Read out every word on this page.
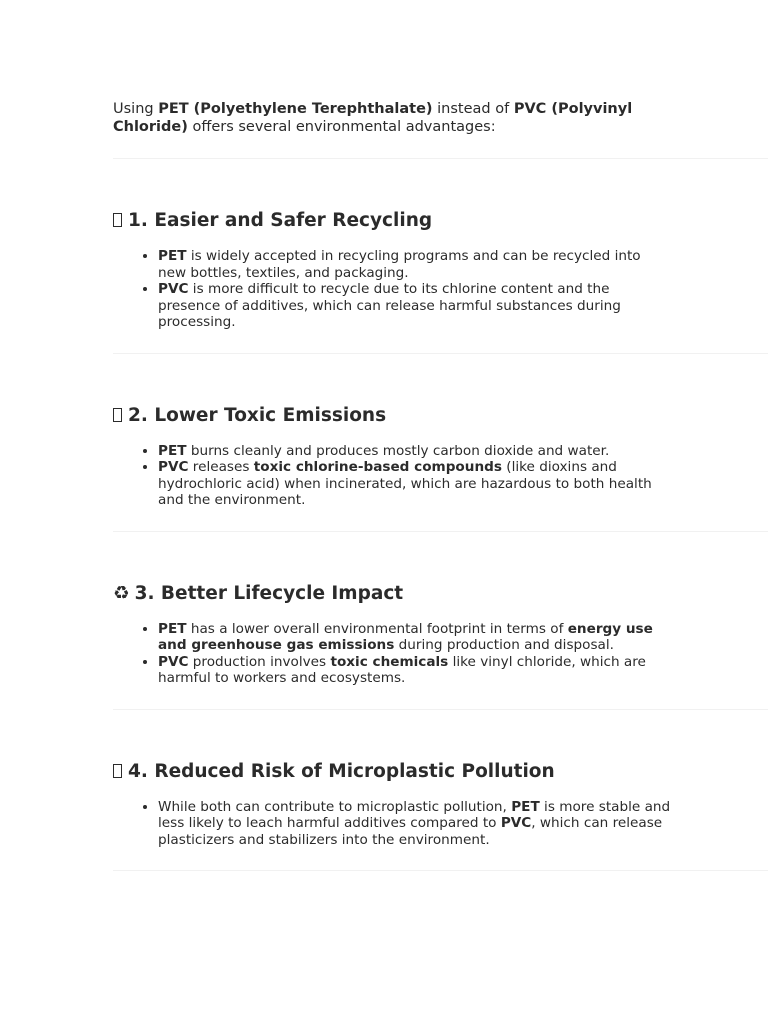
Using PET (Polyethylene Terephthalate) instead of PVC (Polyvinyl Chloride) offers several environmental advantages:

1. Easier and Safer Recycling
• PET is widely accepted in recycling programs and can be recycled into new bottles, textiles, and packaging.
• PVC is more difficult to recycle due to its chlorine content and the presence of additives, which can release harmful substances during processing.
2. Lower Toxic Emissions
• PET burns cleanly and produces mostly carbon dioxide and water.
• PVC releases toxic chlorine-based compounds (like dioxins and hydrochloric acid) when incinerated, which are hazardous to both health and the environment.
♻ 3. Better Lifecycle Impact
• PET has a lower overall environmental footprint in terms of energy use and greenhouse gas emissions during production and disposal.
• PVC production involves toxic chemicals like vinyl chloride, which are harmful to workers and ecosystems.
4. Reduced Risk of Microplastic Pollution
• While both can contribute to microplastic pollution, PET is more stable and less likely to leach harmful additives compared to PVC, which can release plasticizers and stabilizers into the environment.
